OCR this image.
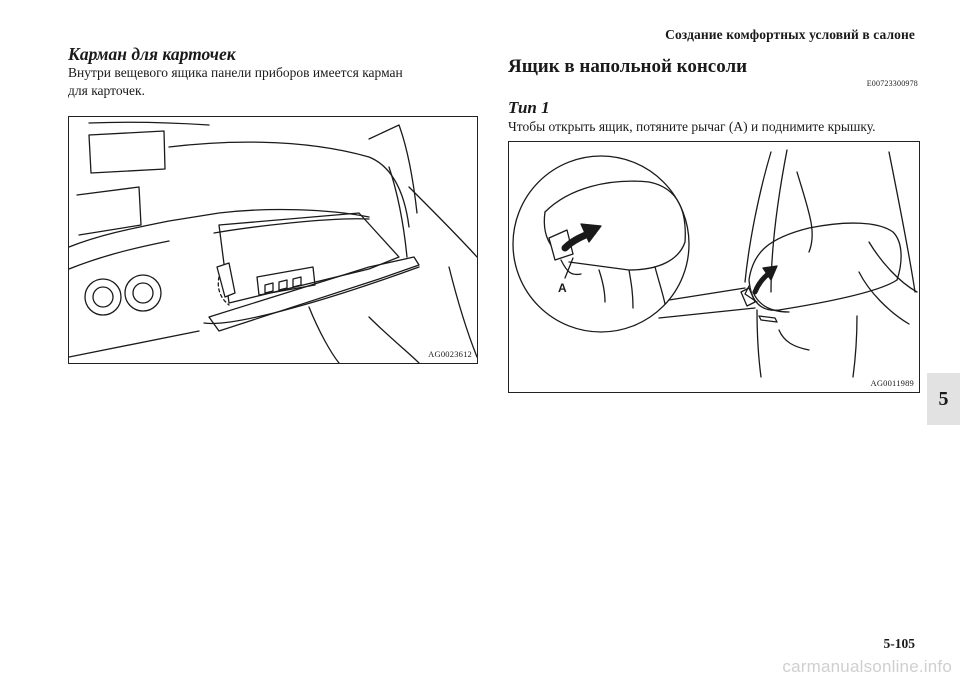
Создание комфортных условий в салоне
Карман для карточек

Внутри вещевого ящика панели приборов имеется карман

для карточек.

AG0023612
Ящик в напольной консоли
E00723300978
Тип 1

Чтобы открыть ящик, потяните рычаг (A) и поднимите крышку.

A
AG0011989
5
5-105
carmanualsonline.info
